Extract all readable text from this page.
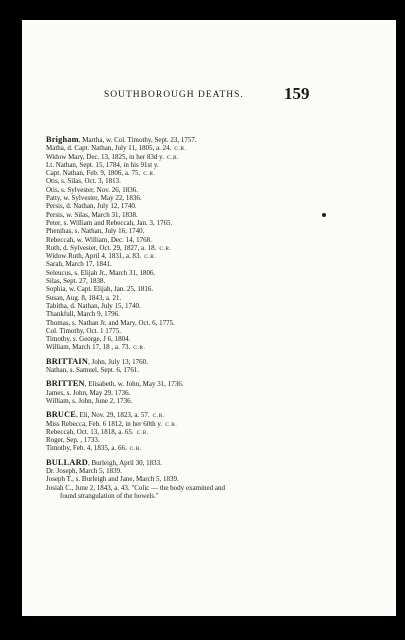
SOUTHBOROUGH DEATHS. 159
Brigham, Martha, w. Col. Timothy, Sept. 23, 1757.
Matha, d. Capt. Nathan, July 11, 1805, a. 24. C.R.
Widow Mary, Dec. 13, 1825, in her 83d y. C.R.
Lt. Nathan, Sept. 15, 1784, in his 91st y.
Capt. Nathan, Feb. 9, 1806, a. 75. C.R.
Otis, s. Silas, Oct. 3, 1813.
Otis, s. Sylvester, Nov. 26, 1836.
Patty, w. Sylvester, May 22, 1836.
Persis, d. Nathan, July 12, 1740.
Persis, w. Silas, March 31, 1838.
Peter, s. William and Rebeccah, Jan. 3, 1765.
Phenihas, s. Nathan, July 16, 1740.
Rebeccah, w. William, Dec. 14, 1768.
Ruth, d. Sylvester, Oct. 29, 1827, a. 18. C.R.
Widow Ruth, April 4, 1831, a. 83. C.R.
Sarah, March 17, 1841.
Seleucus, s. Elijah Jr., March 31, 1806.
Silas, Sept. 27, 1838.
Sophia, w. Capt. Elijah, Jan. 25, 1816.
Susan, Aug. 8, 1843, a. 21.
Tabitha, d. Nathan, July 15, 1740.
Thankfull, March 9, 1796.
Thomas, s. Nathan Jr. and Mary, Oct. 6, 1775.
Col. Timothy, Oct. 1 1775.
Timothy, s. George, J 6, 1804.
William, March 17, 18 , a. 73. C.R.
BRITTAIN, John, July 13, 1760.
Nathan, s. Samuel, Sept. 6, 1761.
BRITTEN, Elisabeth, w. John, May 31, 1736.
James, s. John, May 29, 1736.
William, s. John, June 2, 1736.
BRUCE, Eli, Nov. 29, 1823, a. 57. C.R.
Miss Rebecca, Feb. 6 1812, in her 60th y. C.R.
Rebeccah, Oct. 13, 1818, a. 65. C.R.
Roger, Sep. , 1733.
Timothy, Feb. 4, 1835, a. 66. C.R.
BULLARD, Burleigh, April 30, 1833.
Dr. Joseph, March 5, 1839.
Joseph T., s. Burleigh and Jane, March 5, 1839.
Josiah C., June 2, 1843, a. 43. "Colic — the body examined and
found strangulation of the bowels."
